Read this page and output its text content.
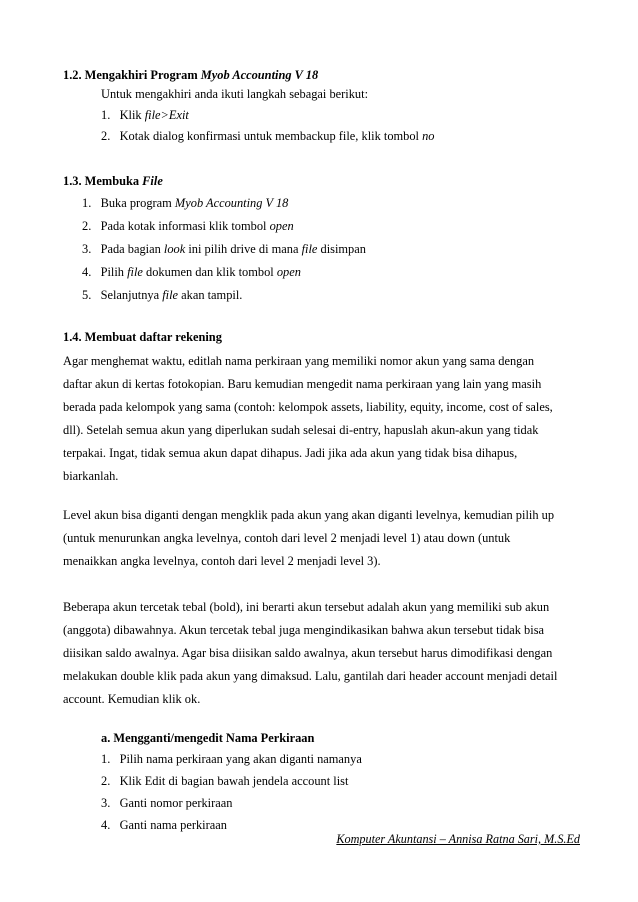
1.2. Mengakhiri Program Myob Accounting V 18
Untuk mengakhiri anda ikuti langkah sebagai berikut:
1. Klik file>Exit
2. Kotak dialog konfirmasi untuk membackup file, klik tombol no
1.3. Membuka File
1. Buka program Myob Accounting V 18
2. Pada kotak informasi klik tombol open
3. Pada bagian look ini pilih drive di mana file disimpan
4. Pilih file dokumen dan klik tombol open
5. Selanjutnya file akan tampil.
1.4. Membuat daftar rekening
Agar menghemat waktu, editlah nama perkiraan yang memiliki nomor akun yang sama dengan
daftar akun di kertas fotokopian. Baru kemudian mengedit nama perkiraan yang lain yang masih
berada pada kelompok yang sama (contoh: kelompok assets, liability, equity, income, cost of sales,
dll). Setelah semua akun yang diperlukan sudah selesai di-entry, hapuslah akun-akun yang tidak
terpakai. Ingat, tidak semua akun dapat dihapus. Jadi jika ada akun yang tidak bisa dihapus,
biarkanlah.
Level akun bisa diganti dengan mengklik pada akun yang akan diganti levelnya, kemudian pilih up
(untuk menurunkan angka levelnya, contoh dari level 2 menjadi level 1) atau down (untuk
menaikkan angka levelnya, contoh dari level 2 menjadi level 3).
Beberapa akun tercetak tebal (bold), ini berarti akun tersebut adalah akun yang memiliki sub akun
(anggota) dibawahnya. Akun tercetak tebal juga mengindikasikan bahwa akun tersebut tidak bisa
diisikan saldo awalnya. Agar bisa diisikan saldo awalnya, akun tersebut harus dimodifikasi dengan
melakukan double klik pada akun yang dimaksud. Lalu, gantilah dari header account menjadi detail
account. Kemudian klik ok.
a. Mengganti/mengedit Nama Perkiraan
1. Pilih nama perkiraan yang akan diganti namanya
2. Klik Edit di bagian bawah jendela account list
3. Ganti nomor perkiraan
4. Ganti nama perkiraan
Komputer Akuntansi – Annisa Ratna Sari, M.S.Ed
